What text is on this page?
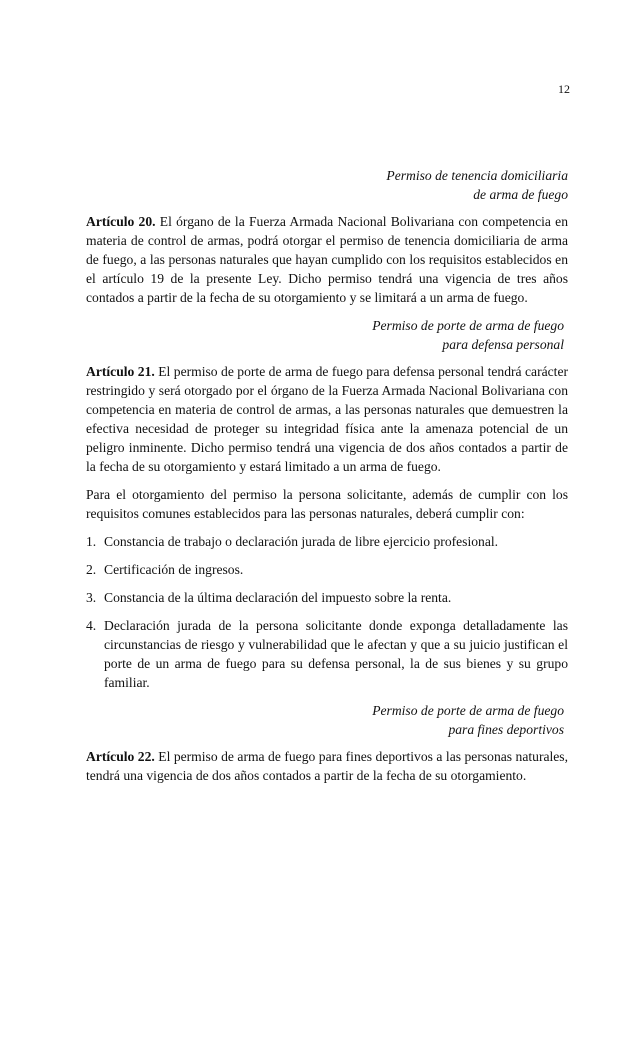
12
Permiso de tenencia domiciliaria
de arma de fuego

Artículo 20. El órgano de la Fuerza Armada Nacional Bolivariana con competencia en materia de control de armas, podrá otorgar el permiso de tenencia domiciliaria de arma de fuego, a las personas naturales que hayan cumplido con los requisitos establecidos en el artículo 19 de la presente Ley. Dicho permiso tendrá una vigencia de tres años contados a partir de la fecha de su otorgamiento y se limitará a un arma de fuego.

Permiso de porte de arma de fuego
para defensa personal

Artículo 21. El permiso de porte de arma de fuego para defensa personal tendrá carácter restringido y será otorgado por el órgano de la Fuerza Armada Nacional Bolivariana con competencia en materia de control de armas, a las personas naturales que demuestren la efectiva necesidad de proteger su integridad física ante la amenaza potencial de un peligro inminente. Dicho permiso tendrá una vigencia de dos años contados a partir de la fecha de su otorgamiento y estará limitado a un arma de fuego.

Para el otorgamiento del permiso la persona solicitante, además de cumplir con los requisitos comunes establecidos para las personas naturales, deberá cumplir con:

1. Constancia de trabajo o declaración jurada de libre ejercicio profesional.
2. Certificación de ingresos.
3. Constancia de la última declaración del impuesto sobre la renta.
4. Declaración jurada de la persona solicitante donde exponga detalladamente las circunstancias de riesgo y vulnerabilidad que le afectan y que a su juicio justifican el porte de un arma de fuego para su defensa personal, la de sus bienes y su grupo familiar.
Permiso de porte de arma de fuego
para fines deportivos

Artículo 22. El permiso de arma de fuego para fines deportivos a las personas naturales, tendrá una vigencia de dos años contados a partir de la fecha de su otorgamiento.
